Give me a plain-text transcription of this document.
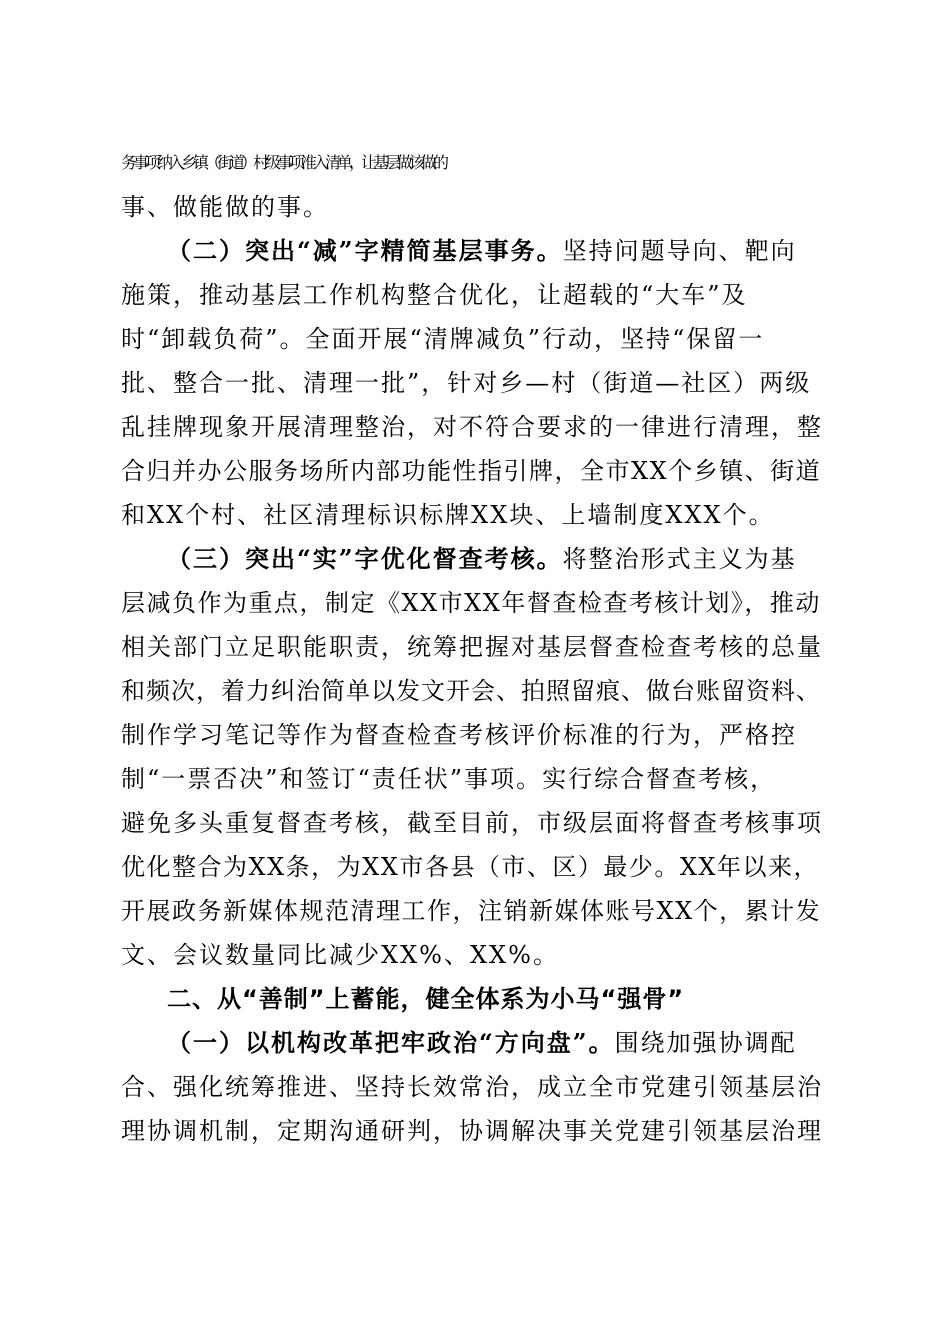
务事项纳入乡镇（街道）村级事项准入清单，让基层做该做的
事、做能做的事。
（二）突出“减”字精简基层事务。坚持问题导向、靶向
施策，推动基层工作机构整合优化，让超载的“大车”及
时“卸载负荷”。全面开展“清牌减负”行动，坚持“保留一
批、整合一批、清理一批”，针对乡—村（街道—社区）两级
乱挂牌现象开展清理整治，对不符合要求的一律进行清理，整
合归并办公服务场所内部功能性指引牌，全市XX个乡镇、街道
和XX个村、社区清理标识标牌XX块、上墙制度XXX个。
（三）突出“实”字优化督查考核。将整治形式主义为基
层减负作为重点，制定《XX市XX年督查检查考核计划》，推动
相关部门立足职能职责，统筹把握对基层督查检查考核的总量
和频次，着力纠治简单以发文开会、拍照留痕、做台账留资料、
制作学习笔记等作为督查检查考核评价标准的行为，严格控
制“一票否决”和签订“责任状”事项。实行综合督查考核，
避免多头重复督查考核，截至目前，市级层面将督查考核事项
优化整合为XX条，为XX市各县（市、区）最少。XX年以来，
开展政务新媒体规范清理工作，注销新媒体账号XX个，累计发
文、会议数量同比减少XX%、XX%。
二、从“善制”上蓄能，健全体系为小马“强骨”
（一）以机构改革把牢政治“方向盘”。围绕加强协调配
合、强化统筹推进、坚持长效常治，成立全市党建引领基层治
理协调机制，定期沟通研判，协调解决事关党建引领基层治理
